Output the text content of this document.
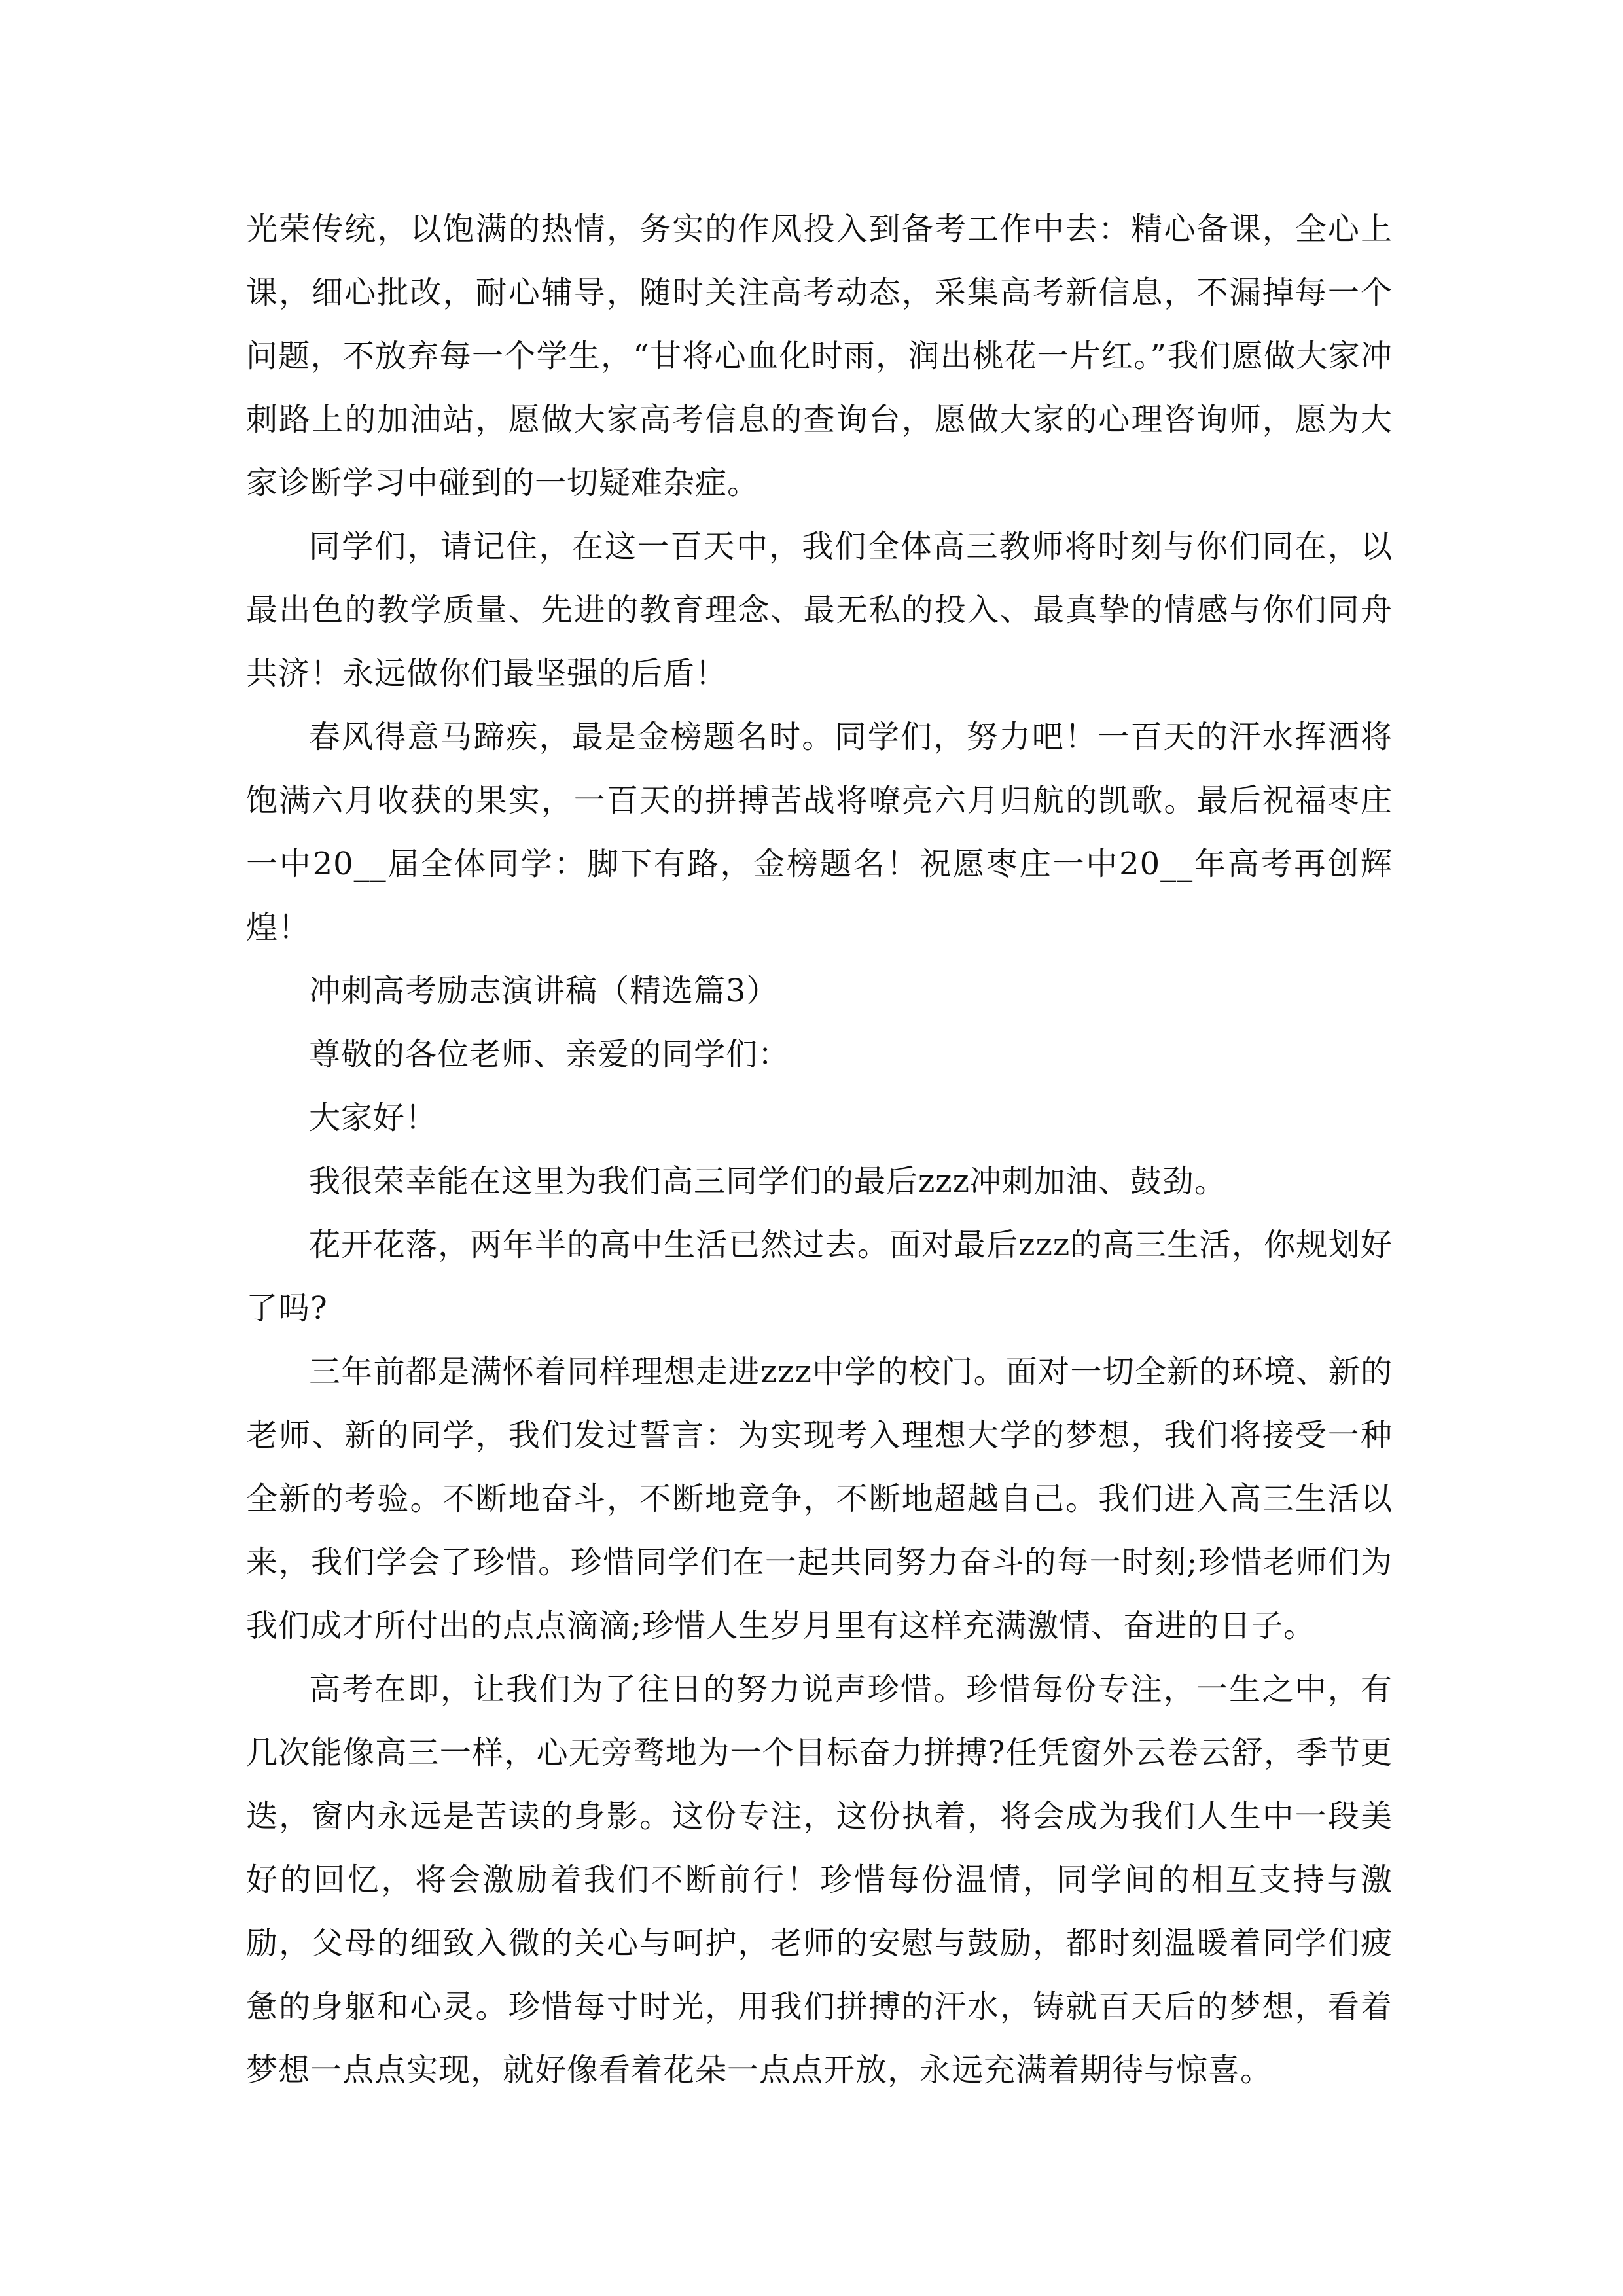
光荣传统，以饱满的热情，务实的作风投入到备考工作中去：精心备课，全心上课，细心批改，耐心辅导，随时关注高考动态，采集高考新信息，不漏掉每一个问题，不放弃每一个学生，“甘将心血化时雨，润出桃花一片红。”我们愿做大家冲刺路上的加油站，愿做大家高考信息的查询台，愿做大家的心理咨询师，愿为大家诊断学习中碰到的一切疑难杂症。

同学们，请记住，在这一百天中，我们全体高三教师将时刻与你们同在，以最出色的教学质量、先进的教育理念、最无私的投入、最真挚的情感与你们同舟共济！永远做你们最坚强的后盾！

春风得意马蹄疾，最是金榜题名时。同学们，努力吧！一百天的汗水挥洒将饱满六月收获的果实，一百天的拼搏苦战将嘹亮六月归航的凯歌。最后祝福枣庄一中20__届全体同学：脚下有路，金榜题名！祝愿枣庄一中20__年高考再创辉煌！

冲刺高考励志演讲稿（精选篇3）

尊敬的各位老师、亲爱的同学们：

大家好！

我很荣幸能在这里为我们高三同学们的最后zzz冲刺加油、鼓劲。

花开花落，两年半的高中生活已然过去。面对最后zzz的高三生活，你规划好了吗?

三年前都是满怀着同样理想走进zzz中学的校门。面对一切全新的环境、新的老师、新的同学，我们发过誓言：为实现考入理想大学的梦想，我们将接受一种全新的考验。不断地奋斗，不断地竞争，不断地超越自己。我们进入高三生活以来，我们学会了珍惜。珍惜同学们在一起共同努力奋斗的每一时刻;珍惜老师们为我们成才所付出的点点滴滴;珍惜人生岁月里有这样充满激情、奋进的日子。

高考在即，让我们为了往日的努力说声珍惜。珍惜每份专注，一生之中，有几次能像高三一样，心无旁骛地为一个目标奋力拼搏?任凭窗外云卷云舒，季节更迭，窗内永远是苦读的身影。这份专注，这份执着，将会成为我们人生中一段美好的回忆，将会激励着我们不断前行！珍惜每份温情，同学间的相互支持与激励，父母的细致入微的关心与呵护，老师的安慰与鼓励，都时刻温暖着同学们疲惫的身躯和心灵。珍惜每寸时光，用我们拼搏的汗水，铸就百天后的梦想，看着梦想一点点实现，就好像看着花朵一点点开放，永远充满着期待与惊喜。
